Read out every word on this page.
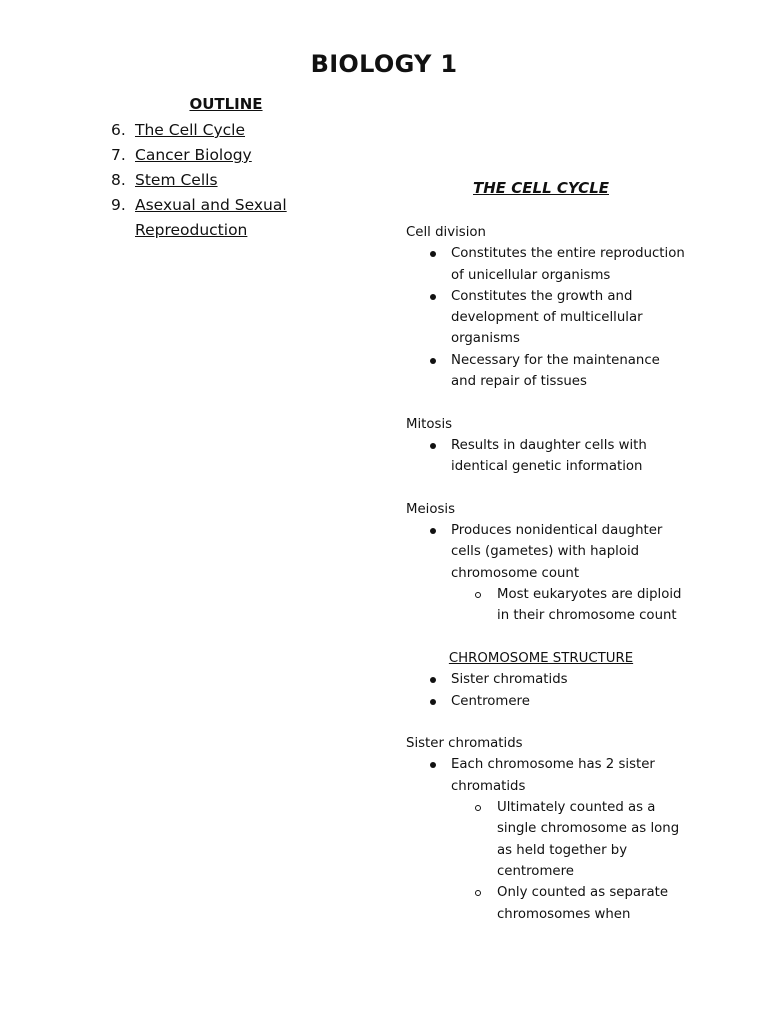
BIOLOGY 1
OUTLINE
6. The Cell Cycle
7. Cancer Biology
8. Stem Cells
9. Asexual and Sexual
Repreoduction
THE CELL CYCLE

Cell division

Constitutes the entire reproduction of unicellular organisms
Constitutes the growth and development of multicellular organisms
Necessary for the maintenance and repair of tissues

Mitosis

Results in daughter cells with identical genetic information

Meiosis

Produces nonidentical daughter cells (gametes) with haploid chromosome count
Most eukaryotes are diploid in their chromosome count

CHROMOSOME STRUCTURE

Sister chromatids
Centromere

Sister chromatids

Each chromosome has 2 sister chromatids
Ultimately counted as a single chromosome as long as held together by centromere
Only counted as separate chromosomes when
